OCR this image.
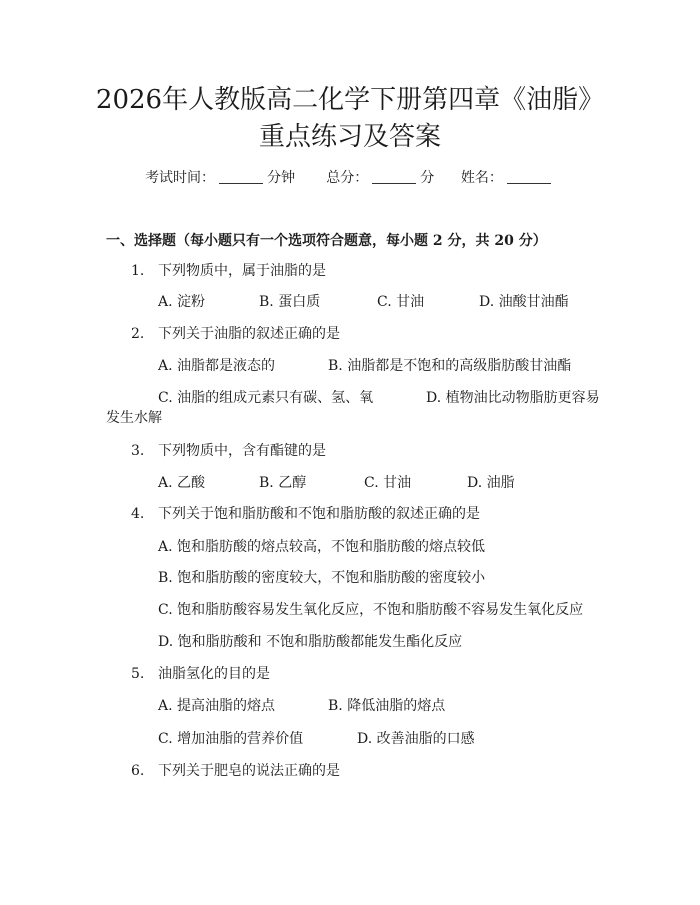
2026年人教版高二化学下册第四章《油脂》
重点练习及答案
考试时间：	分钟 总分：	分 姓名：
一、选择题（每小题只有一个选项符合题意，每小题 2 分，共 20 分）
1. 下列物质中，属于油脂的是
A. 淀粉	B. 蛋白质	C. 甘油	D. 油酸甘油酯
2. 下列关于油脂的叙述正确的是
A. 油脂都是液态的	B. 油脂都是不饱和的高级脂肪酸甘油酯
C. 油脂的组成元素只有碳、氢、氧	D. 植物油比动物脂肪更容易
发生水解
3. 下列物质中，含有酯键的是
A. 乙酸	B. 乙醇	C. 甘油	D. 油脂
4. 下列关于饱和脂肪酸和不饱和脂肪酸的叙述正确的是
A. 饱和脂肪酸的熔点较高，不饱和脂肪酸的熔点较低
B. 饱和脂肪酸的密度较大，不饱和脂肪酸的密度较小
C. 饱和脂肪酸容易发生氧化反应，不饱和脂肪酸不容易发生氧化反应
D. 饱和脂肪酸和 不饱和脂肪酸都能发生酯化反应
5. 油脂氢化的目的是
A. 提高油脂的熔点	B. 降低油脂的熔点
C. 增加油脂的营养价值	D. 改善油脂的口感
6. 下列关于肥皂的说法正确的是
